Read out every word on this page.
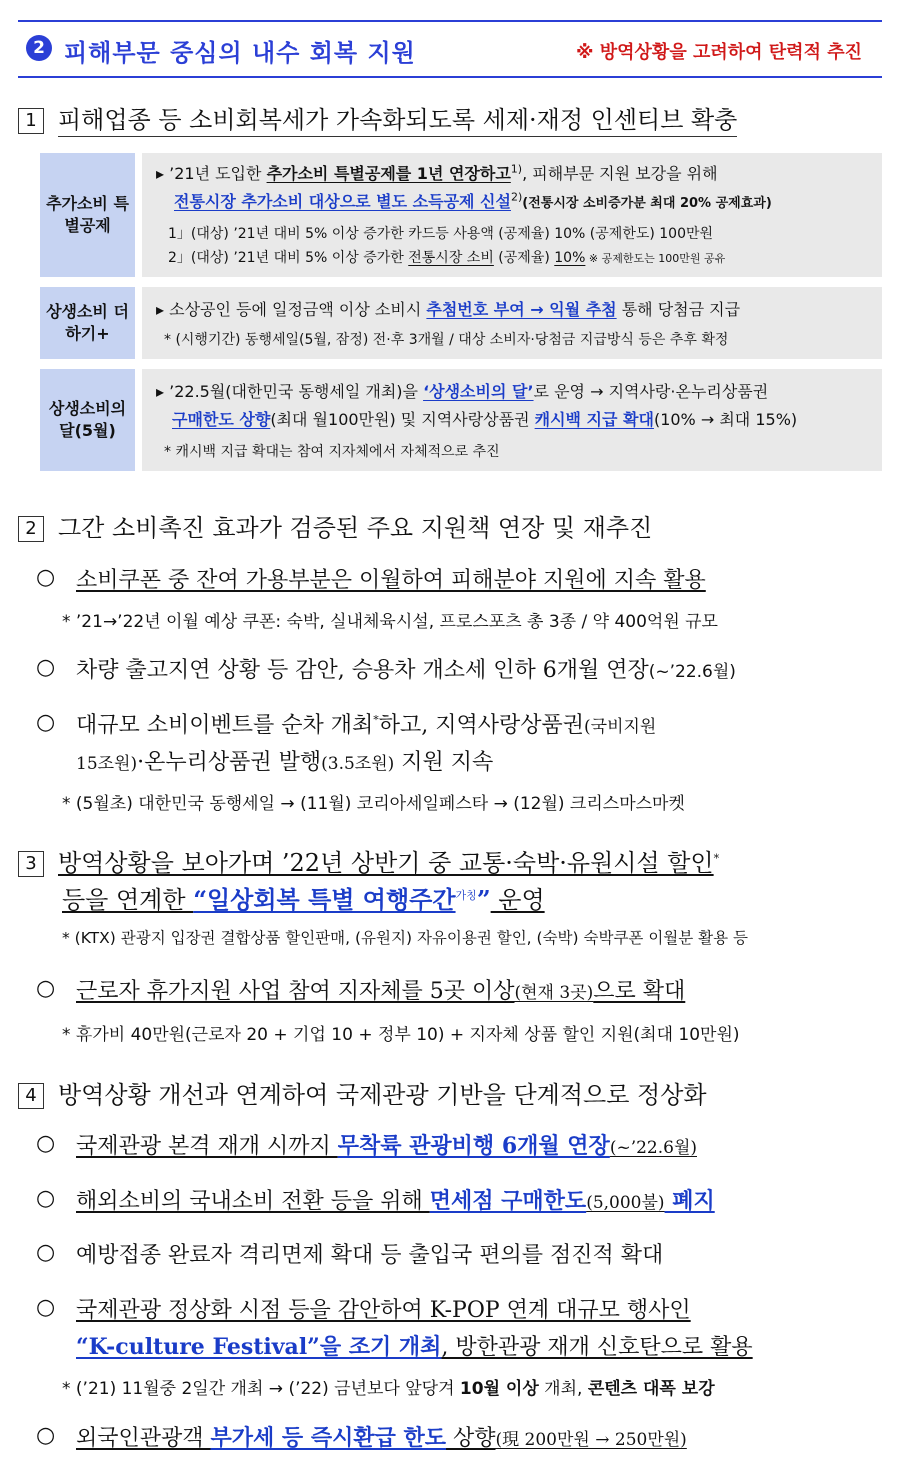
2 피해부문 중심의 내수 회복 지원	※ 방역상황을 고려하여 탄력적 추진
1 피해업종 등 소비회복세가 가속화되도록 세제·재정 인센티브 확충
추가소비 특별공제
▸ ’21년 도입한 추가소비 특별공제를 1년 연장하고$^{1)}$, 피해부문 지원 보강을 위해
전통시장 추가소비 대상으로 별도 소득공제 신설$^{2)}$(전통시장 소비증가분 최대 20% 공제효과)
1」(대상) ’21년 대비 5% 이상 증가한 카드등 사용액 (공제율) 10% (공제한도) 100만원
2」(대상) ’21년 대비 5% 이상 증가한 전통시장 소비 (공제율) 10% ※ 공제한도는 100만원 공유
상생소비 더하기+
▸ 소상공인 등에 일정금액 이상 소비시 추첨번호 부여 → 익월 추첨 통해 당첨금 지급
* (시행기간) 동행세일(5월, 잠정) 전·후 3개월 / 대상 소비자·당첨금 지급방식 등은 추후 확정
상생소비의 달(5월)
▸ ’22.5월(대한민국 동행세일 개최)을 ‘상생소비의 달’로 운영 → 지역사랑·온누리상품권
구매한도 상향(최대 월100만원) 및 지역사랑상품권 캐시백 지급 확대(10% → 최대 15%)
* 캐시백 지급 확대는 참여 지자체에서 자체적으로 추진
2 그간 소비촉진 효과가 검증된 주요 지원책 연장 및 재추진
○ 소비쿠폰 중 잔여 가용부분은 이월하여 피해분야 지원에 지속 활용
* ’21→’22년 이월 예상 쿠폰: 숙박, 실내체육시설, 프로스포츠 총 3종 / 약 400억원 규모
○ 차량 출고지연 상황 등 감안, 승용차 개소세 인하 6개월 연장(~’22.6월)
○ 대규모 소비이벤트를 순차 개최*하고, 지역사랑상품권(국비지원
15조원)·온누리상품권 발행(3.5조원) 지원 지속
* (5월초) 대한민국 동행세일 → (11월) 코리아세일페스타 → (12월) 크리스마스마켓
3 방역상황을 보아가며 ’22년 상반기 중 교통·숙박·유원시설 할인*
등을 연계한 “일상회복 특별 여행주간$^{가칭}$” 운영
* (KTX) 관광지 입장권 결합상품 할인판매, (유원지) 자유이용권 할인, (숙박) 숙박쿠폰 이월분 활용 등
○ 근로자 휴가지원 사업 참여 지자체를 5곳 이상(현재 3곳)으로 확대
* 휴가비 40만원(근로자 20 + 기업 10 + 정부 10) + 지자체 상품 할인 지원(최대 10만원)
4 방역상황 개선과 연계하여 국제관광 기반을 단계적으로 정상화
○ 국제관광 본격 재개 시까지 무착륙 관광비행 6개월 연장(~’22.6월)
○ 해외소비의 국내소비 전환 등을 위해 면세점 구매한도(5,000불) 폐지
○ 예방접종 완료자 격리면제 확대 등 출입국 편의를 점진적 확대
○ 국제관광 정상화 시점 등을 감안하여 K-POP 연계 대규모 행사인
“K-culture Festival”을 조기 개최, 방한관광 재개 신호탄으로 활용
* (’21) 11월중 2일간 개최 → (’22) 금년보다 앞당겨 10월 이상 개최, 콘텐츠 대폭 보강
○ 외국인관광객 부가세 등 즉시환급 한도 상향(現 200만원 → 250만원)
